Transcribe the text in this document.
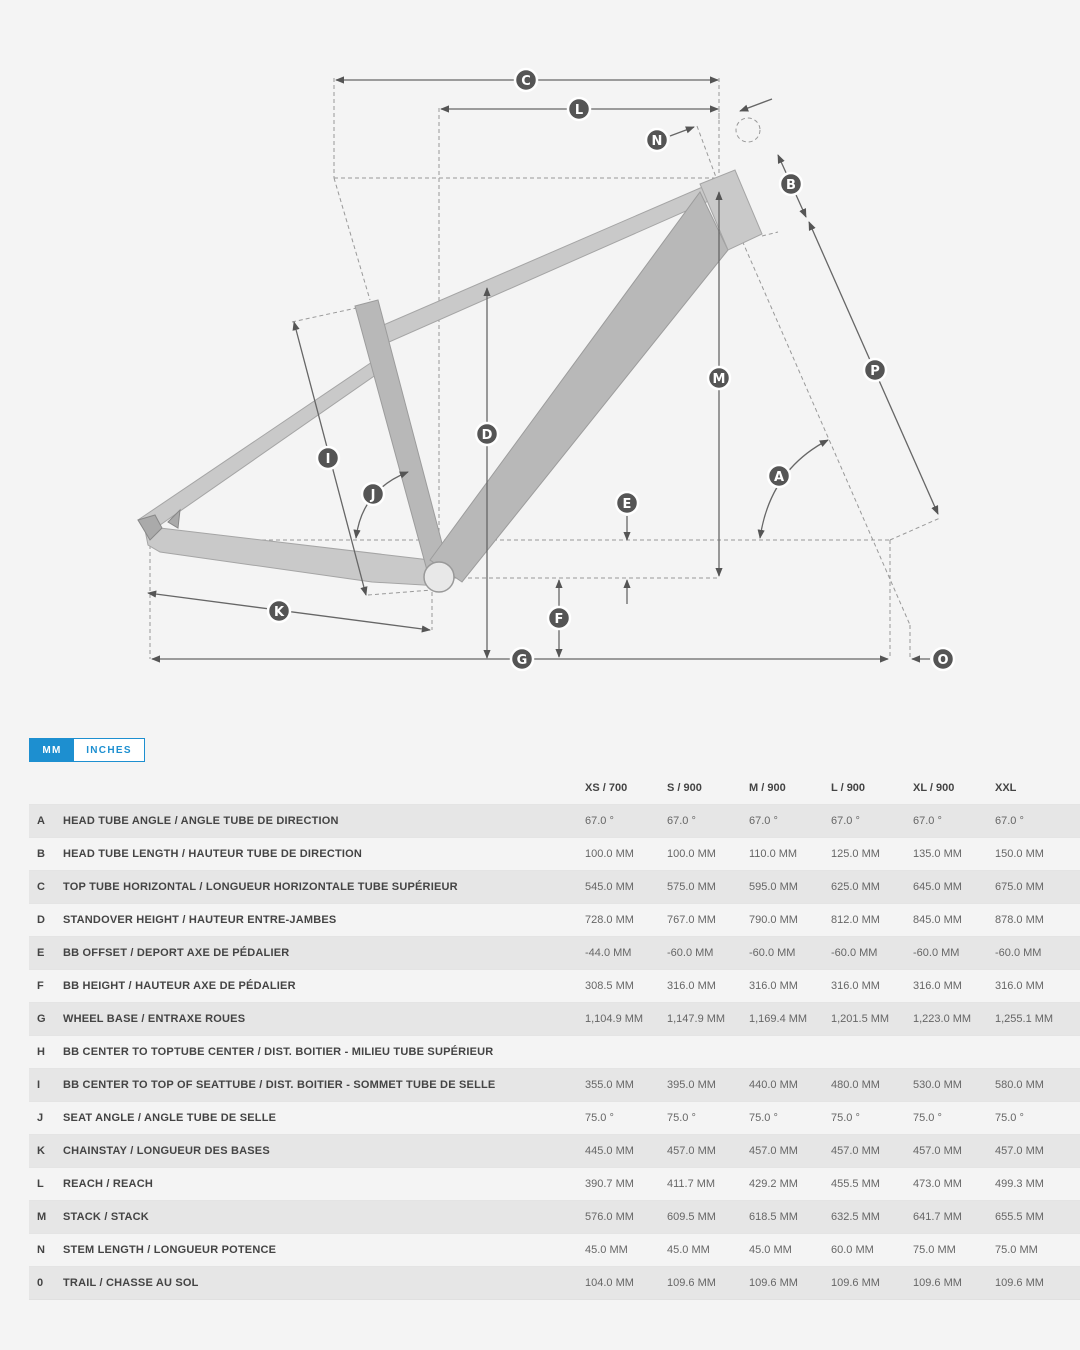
A
B
C
D
E
F
G
I
J
K
L
M
N
O
P
MM	INCHES
		XS / 700	S / 900	M / 900	L / 900	XL / 900	XXL
A	HEAD TUBE ANGLE / ANGLE TUBE DE DIRECTION	67.0 °	67.0 °	67.0 °	67.0 °	67.0 °	67.0 °
B	HEAD TUBE LENGTH / HAUTEUR TUBE DE DIRECTION	100.0 MM	100.0 MM	110.0 MM	125.0 MM	135.0 MM	150.0 MM
C	TOP TUBE HORIZONTAL / LONGUEUR HORIZONTALE TUBE SUPÉRIEUR	545.0 MM	575.0 MM	595.0 MM	625.0 MM	645.0 MM	675.0 MM
D	STANDOVER HEIGHT / HAUTEUR ENTRE-JAMBES	728.0 MM	767.0 MM	790.0 MM	812.0 MM	845.0 MM	878.0 MM
E	BB OFFSET / DEPORT AXE DE PÉDALIER	-44.0 MM	-60.0 MM	-60.0 MM	-60.0 MM	-60.0 MM	-60.0 MM
F	BB HEIGHT / HAUTEUR AXE DE PÉDALIER	308.5 MM	316.0 MM	316.0 MM	316.0 MM	316.0 MM	316.0 MM
G	WHEEL BASE / ENTRAXE ROUES	1,104.9 MM	1,147.9 MM	1,169.4 MM	1,201.5 MM	1,223.0 MM	1,255.1 MM
H	BB CENTER TO TOPTUBE CENTER / DIST. BOITIER - MILIEU TUBE SUPÉRIEUR						
I	BB CENTER TO TOP OF SEATTUBE / DIST. BOITIER - SOMMET TUBE DE SELLE	355.0 MM	395.0 MM	440.0 MM	480.0 MM	530.0 MM	580.0 MM
J	SEAT ANGLE / ANGLE TUBE DE SELLE	75.0 °	75.0 °	75.0 °	75.0 °	75.0 °	75.0 °
K	CHAINSTAY / LONGUEUR DES BASES	445.0 MM	457.0 MM	457.0 MM	457.0 MM	457.0 MM	457.0 MM
L	REACH / REACH	390.7 MM	411.7 MM	429.2 MM	455.5 MM	473.0 MM	499.3 MM
M	STACK / STACK	576.0 MM	609.5 MM	618.5 MM	632.5 MM	641.7 MM	655.5 MM
N	STEM LENGTH / LONGUEUR POTENCE	45.0 MM	45.0 MM	45.0 MM	60.0 MM	75.0 MM	75.0 MM
0	TRAIL / CHASSE AU SOL	104.0 MM	109.6 MM	109.6 MM	109.6 MM	109.6 MM	109.6 MM
